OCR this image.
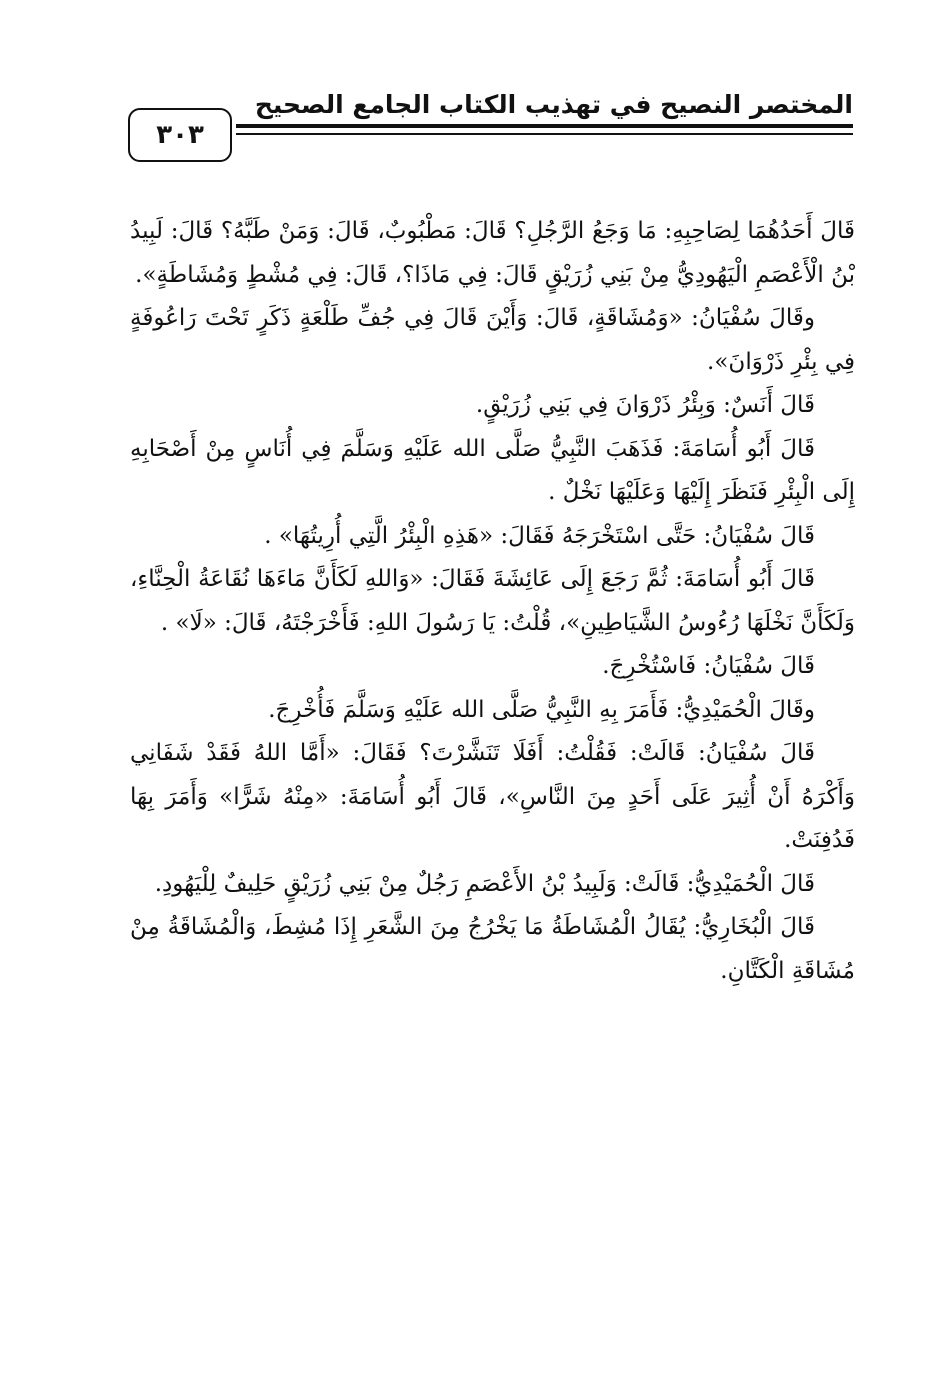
المختصر النصيح في تهذيب الكتاب الجامع الصحيح
٣٠٣

قَالَ أَحَدُهُمَا لِصَاحِبِهِ: مَا وَجَعُ الرَّجُلِ؟ قَالَ: مَطْبُوبٌ، قَالَ: وَمَنْ طَبَّهُ؟ قَالَ: لَبِيدُ بْنُ الْأَعْصَمِ الْيَهُودِيُّ مِنْ بَنِي زُرَيْقٍ قَالَ: فِي مَاذَا؟، قَالَ: فِي مُشْطٍ وَمُشَاطَةٍ».

وقَالَ سُفْيَانُ: «وَمُشَاقَةٍ، قَالَ: وَأَيْنَ قَالَ فِي جُفِّ طَلْعَةٍ ذَكَرٍ تَحْتَ رَاعُوفَةٍ فِي بِئْرِ ذَرْوَانَ».

قَالَ أَنَسٌ: وَبِئْرُ ذَرْوَانَ فِي بَنِي زُرَيْقٍ.

قَالَ أَبُو أُسَامَةَ: فَذَهَبَ النَّبِيُّ صَلَّى الله عَلَيْهِ وَسَلَّمَ فِي أُنَاسٍ مِنْ أَصْحَابِهِ إِلَى الْبِئْرِ فَنَظَرَ إِلَيْهَا وَعَلَيْهَا نَخْلٌ .

قَالَ سُفْيَانُ: حَتَّى اسْتَخْرَجَهُ فَقَالَ: «هَذِهِ الْبِئْرُ الَّتِي أُرِيتُهَا» .

قَالَ أَبُو أُسَامَةَ: ثُمَّ رَجَعَ إِلَى عَائِشَةَ فَقَالَ: «وَاللهِ لَكَأَنَّ مَاءَهَا نُقَاعَةُ الْحِنَّاءِ، وَلَكَأَنَّ نَخْلَهَا رُءُوسُ الشَّيَاطِينِ»، قُلْتُ: يَا رَسُولَ اللهِ: فَأَخْرَجْتَهُ، قَالَ: «لَا» .

قَالَ سُفْيَانُ: فَاسْتُخْرِجَ.

وقَالَ الْحُمَيْدِيُّ: فَأَمَرَ بِهِ النَّبِيُّ صَلَّى الله عَلَيْهِ وَسَلَّمَ فَأُخْرِجَ.

قَالَ سُفْيَانُ: قَالَتْ: فَقُلْتُ: أَفَلَا تَنَشَّرْتَ؟ فَقَالَ: «أَمَّا اللهُ فَقَدْ شَفَانِي وَأَكْرَهُ أَنْ أُثِيرَ عَلَى أَحَدٍ مِنَ النَّاسِ»، قَالَ أَبُو أُسَامَةَ: «مِنْهُ شَرًّا» وَأَمَرَ بِهَا فَدُفِنَتْ.

قَالَ الْحُمَيْدِيُّ: قَالَتْ: وَلَبِيدُ بْنُ الأَعْصَمِ رَجُلٌ مِنْ بَنِي زُرَيْقٍ حَلِيفٌ لِلْيَهُودِ.

قَالَ الْبُخَارِيُّ: يُقَالُ الْمُشَاطَةُ مَا يَخْرُجُ مِنَ الشَّعَرِ إِذَا مُشِطَ، وَالْمُشَاقَةُ مِنْ مُشَاقَةِ الْكَتَّانِ.
